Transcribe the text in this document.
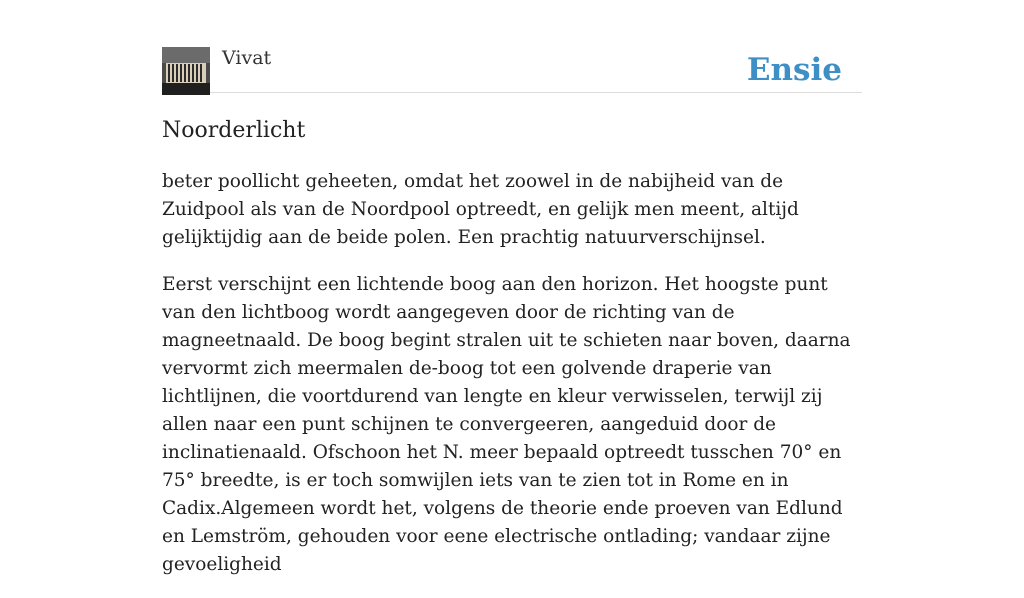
Vivat	Ensie
Noorderlicht

beter poollicht geheeten, omdat het zoowel in de nabijheid van de Zuidpool als van de Noordpool optreedt, en gelijk men meent, altijd gelijktijdig aan de beide polen. Een prachtig natuurverschijnsel.

Eerst verschijnt een lichtende boog aan den horizon. Het hoogste punt van den lichtboog wordt aangegeven door de richting van de magneetnaald. De boog begint stralen uit te schieten naar boven, daarna vervormt zich meermalen de-boog tot een golvende draperie van lichtlijnen, die voortdurend van lengte en kleur verwisselen, terwijl zij allen naar een punt schijnen te convergeeren, aangeduid door de inclinatienaald. Ofschoon het N. meer bepaald optreedt tusschen 70° en 75° breedte, is er toch somwijlen iets van te zien tot in Rome en in Cadix.Algemeen wordt het, volgens de theorie ende proeven van Edlund en Lemström, gehouden voor eene electrische ontlading; vandaar zijne gevoeligheid
